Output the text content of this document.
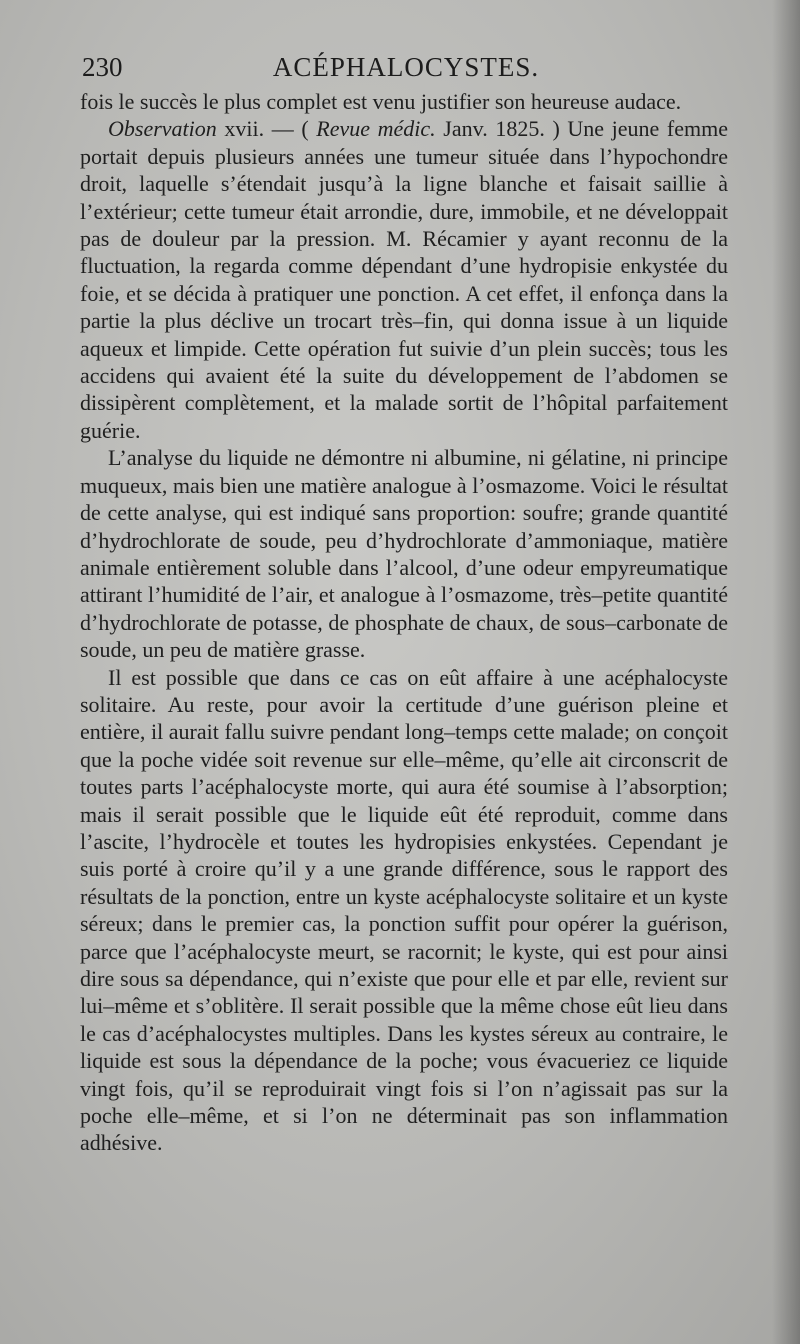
230	ACÉPHALOCYSTES.

fois le succès le plus complet est venu justifier son heureuse audace.

Observation xvii. — ( Revue médic. Janv. 1825. ) Une jeune femme portait depuis plusieurs années une tumeur située dans l’hypochondre droit, laquelle s’étendait jusqu’à la ligne blanche et faisait saillie à l’extérieur; cette tumeur était arrondie, dure, immobile, et ne développait pas de douleur par la pression. M. Récamier y ayant reconnu de la fluctuation, la regarda comme dépendant d’une hydropisie enkystée du foie, et se décida à pratiquer une ponction. A cet effet, il enfonça dans la partie la plus déclive un trocart très–fin, qui donna issue à un liquide aqueux et limpide. Cette opération fut suivie d’un plein succès; tous les accidens qui avaient été la suite du développement de l’abdomen se dissipèrent complètement, et la malade sortit de l’hôpital parfaitement guérie.

L’analyse du liquide ne démontre ni albumine, ni gélatine, ni principe muqueux, mais bien une matière analogue à l’osmazome. Voici le résultat de cette analyse, qui est indiqué sans proportion: soufre; grande quantité d’hydrochlorate de soude, peu d’hydrochlorate d’ammoniaque, matière animale entièrement soluble dans l’alcool, d’une odeur empyreumatique attirant l’humidité de l’air, et analogue à l’osmazome, très–petite quantité d’hydrochlorate de potasse, de phosphate de chaux, de sous–carbonate de soude, un peu de matière grasse.

Il est possible que dans ce cas on eût affaire à une acéphalocyste solitaire. Au reste, pour avoir la certitude d’une guérison pleine et entière, il aurait fallu suivre pendant long–temps cette malade; on conçoit que la poche vidée soit revenue sur elle–même, qu’elle ait circonscrit de toutes parts l’acéphalocyste morte, qui aura été soumise à l’absorption; mais il serait possible que le liquide eût été reproduit, comme dans l’ascite, l’hydrocèle et toutes les hydropisies enkystées. Cependant je suis porté à croire qu’il y a une grande différence, sous le rapport des résultats de la ponction, entre un kyste acéphalocyste solitaire et un kyste séreux; dans le premier cas, la ponction suffit pour opérer la guérison, parce que l’acéphalocyste meurt, se racornit; le kyste, qui est pour ainsi dire sous sa dépendance, qui n’existe que pour elle et par elle, revient sur lui–même et s’oblitère. Il serait possible que la même chose eût lieu dans le cas d’acéphalocystes multiples. Dans les kystes séreux au contraire, le liquide est sous la dépendance de la poche; vous évacueriez ce liquide vingt fois, qu’il se reproduirait vingt fois si l’on n’agissait pas sur la poche elle–même, et si l’on ne déterminait pas son inflammation adhésive.
